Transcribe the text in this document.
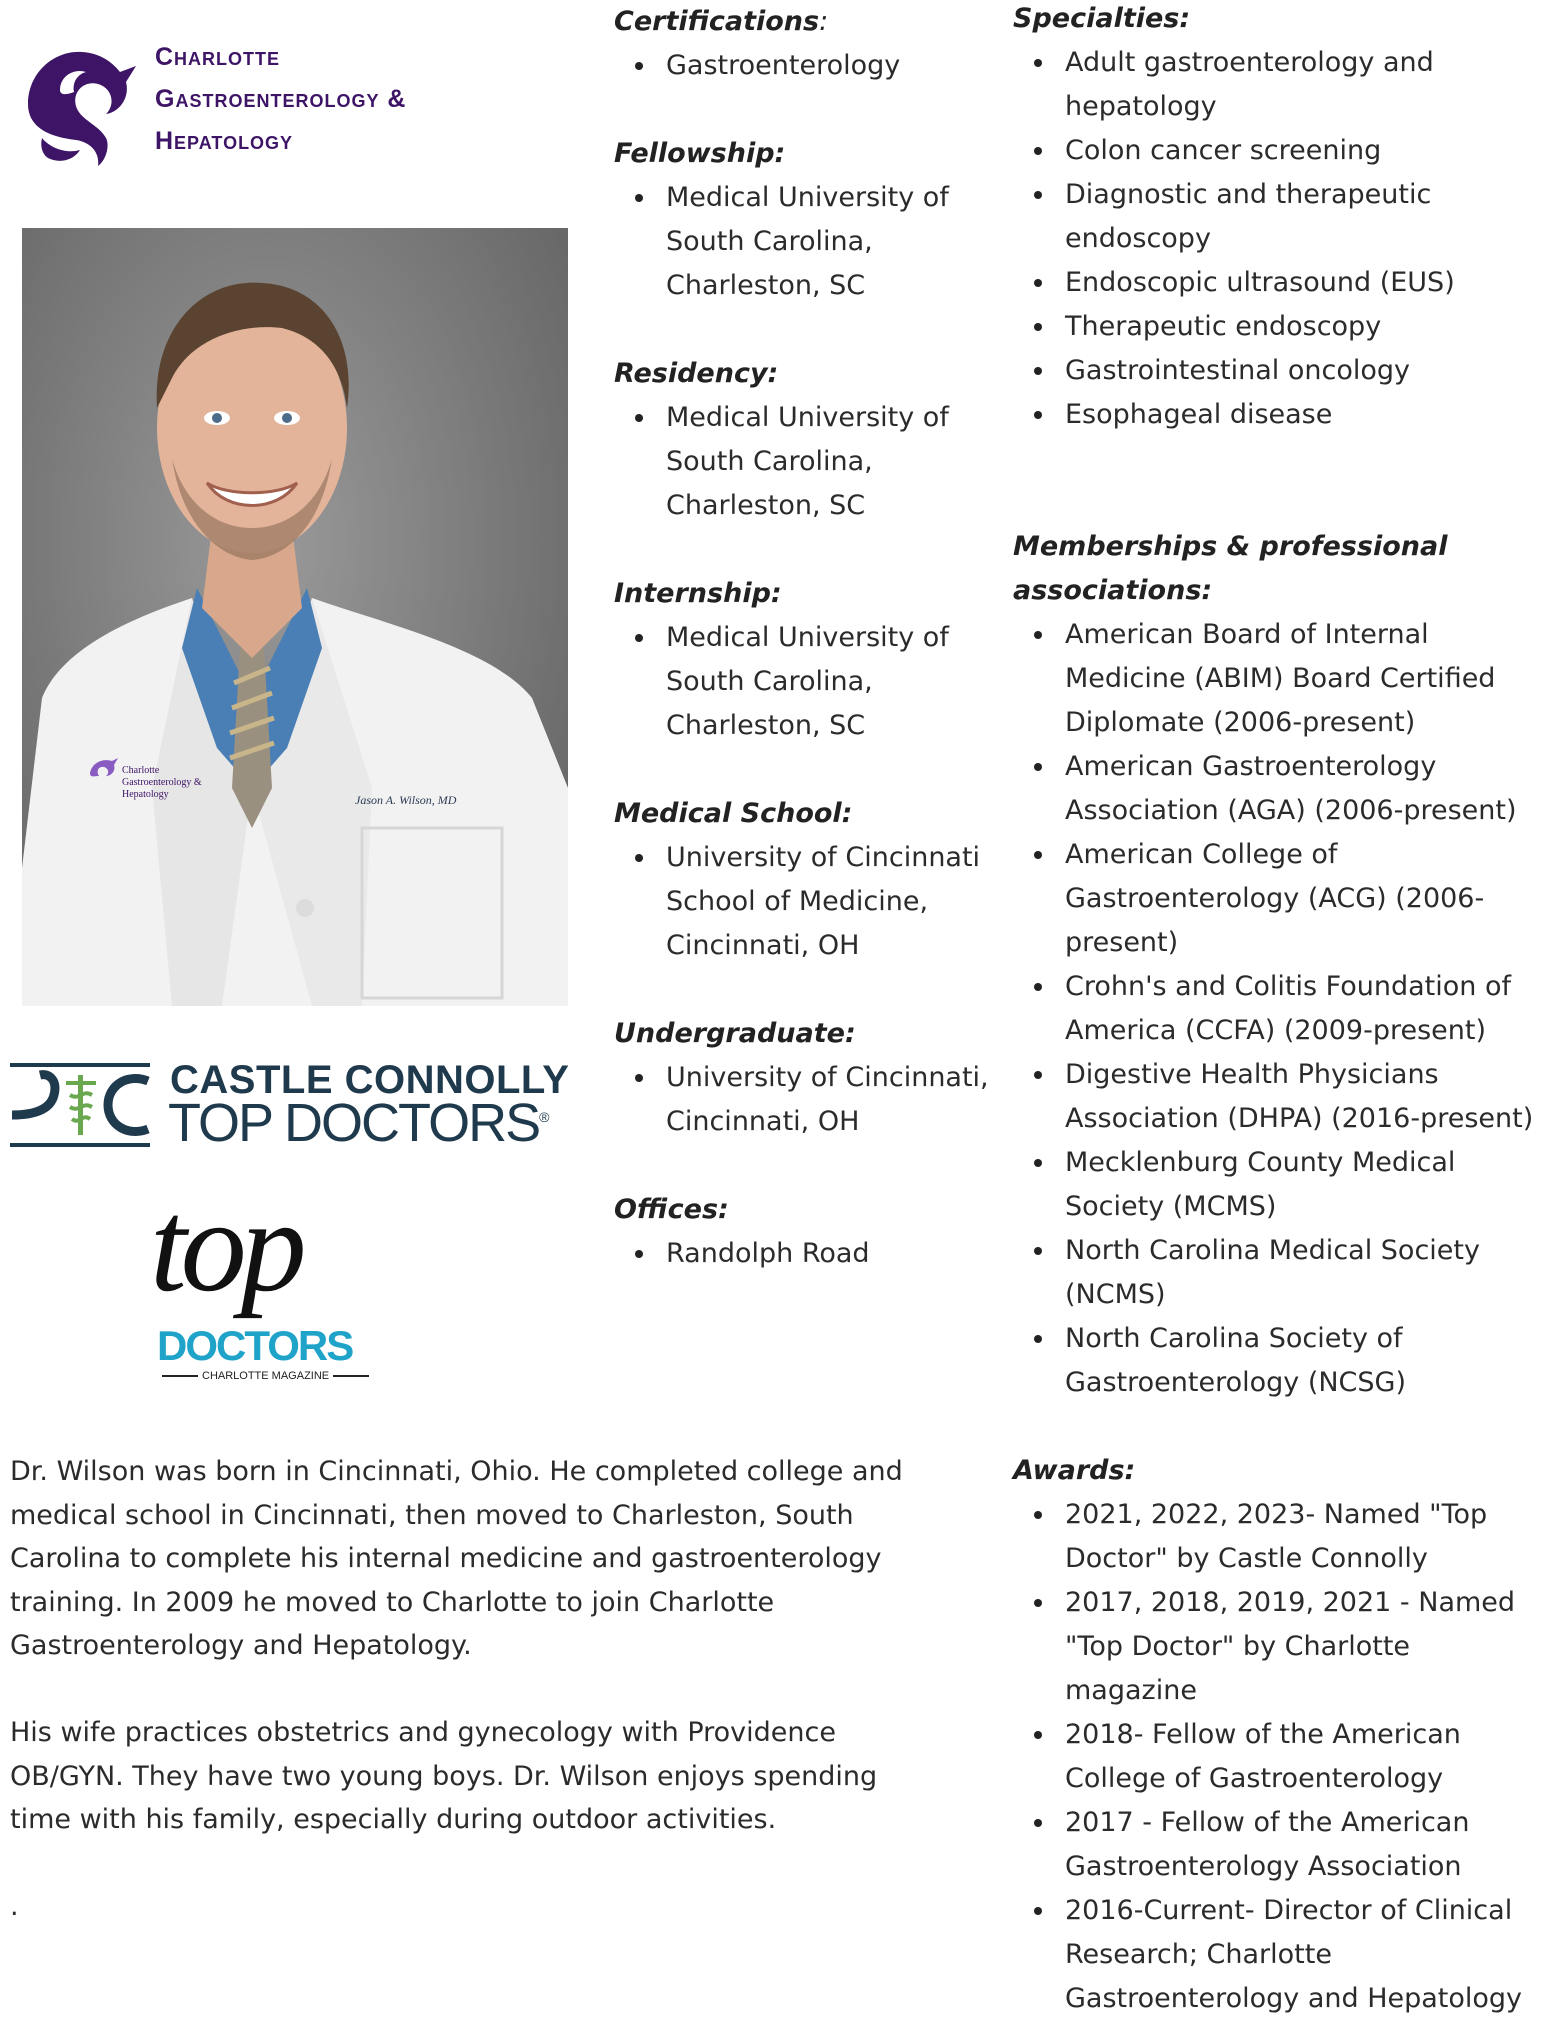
Charlotte
Gastroenterology &
Hepatology
Charlotte
Gastroenterology &
Hepatology	Jason A. Wilson, MD
CASTLE CONNOLLY
TOP DOCTORS®
top
DOCTORS
CHARLOTTE MAGAZINE

Dr. Wilson was born in Cincinnati, Ohio. He completed college and medical school in Cincinnati, then moved to Charleston, South Carolina to complete his internal medicine and gastroenterology training. In 2009 he moved to Charlotte to join Charlotte Gastroenterology and Hepatology.

His wife practices obstetrics and gynecology with Providence OB/GYN. They have two young boys. Dr. Wilson enjoys spending time with his family, especially during outdoor activities.

.

Certifications:

Gastroenterology

Fellowship:

Medical University of South Carolina, Charleston, SC

Residency:

Medical University of South Carolina, Charleston, SC

Internship:

Medical University of South Carolina, Charleston, SC

Medical School:

University of Cincinnati School of Medicine, Cincinnati, OH

Undergraduate:

University of Cincinnati, Cincinnati, OH

Offices:

Randolph Road

Specialties:

Adult gastroenterology and hepatology
Colon cancer screening
Diagnostic and therapeutic endoscopy
Endoscopic ultrasound (EUS)
Therapeutic endoscopy
Gastrointestinal oncology
Esophageal disease

Memberships & professional associations:

American Board of Internal Medicine (ABIM) Board Certified Diplomate (2006-present)
American Gastroenterology Association (AGA) (2006-present)
American College of Gastroenterology (ACG) (2006-present)
Crohn's and Colitis Foundation of America (CCFA) (2009-present)
Digestive Health Physicians Association (DHPA) (2016-present)
Mecklenburg County Medical Society (MCMS)
North Carolina Medical Society (NCMS)
North Carolina Society of Gastroenterology (NCSG)

Awards:

2021, 2022, 2023- Named "Top Doctor" by Castle Connolly
2017, 2018, 2019, 2021 - Named "Top Doctor" by Charlotte magazine
2018- Fellow of the American College of Gastroenterology
2017 - Fellow of the American Gastroenterology Association
2016-Current- Director of Clinical Research; Charlotte Gastroenterology and Hepatology
